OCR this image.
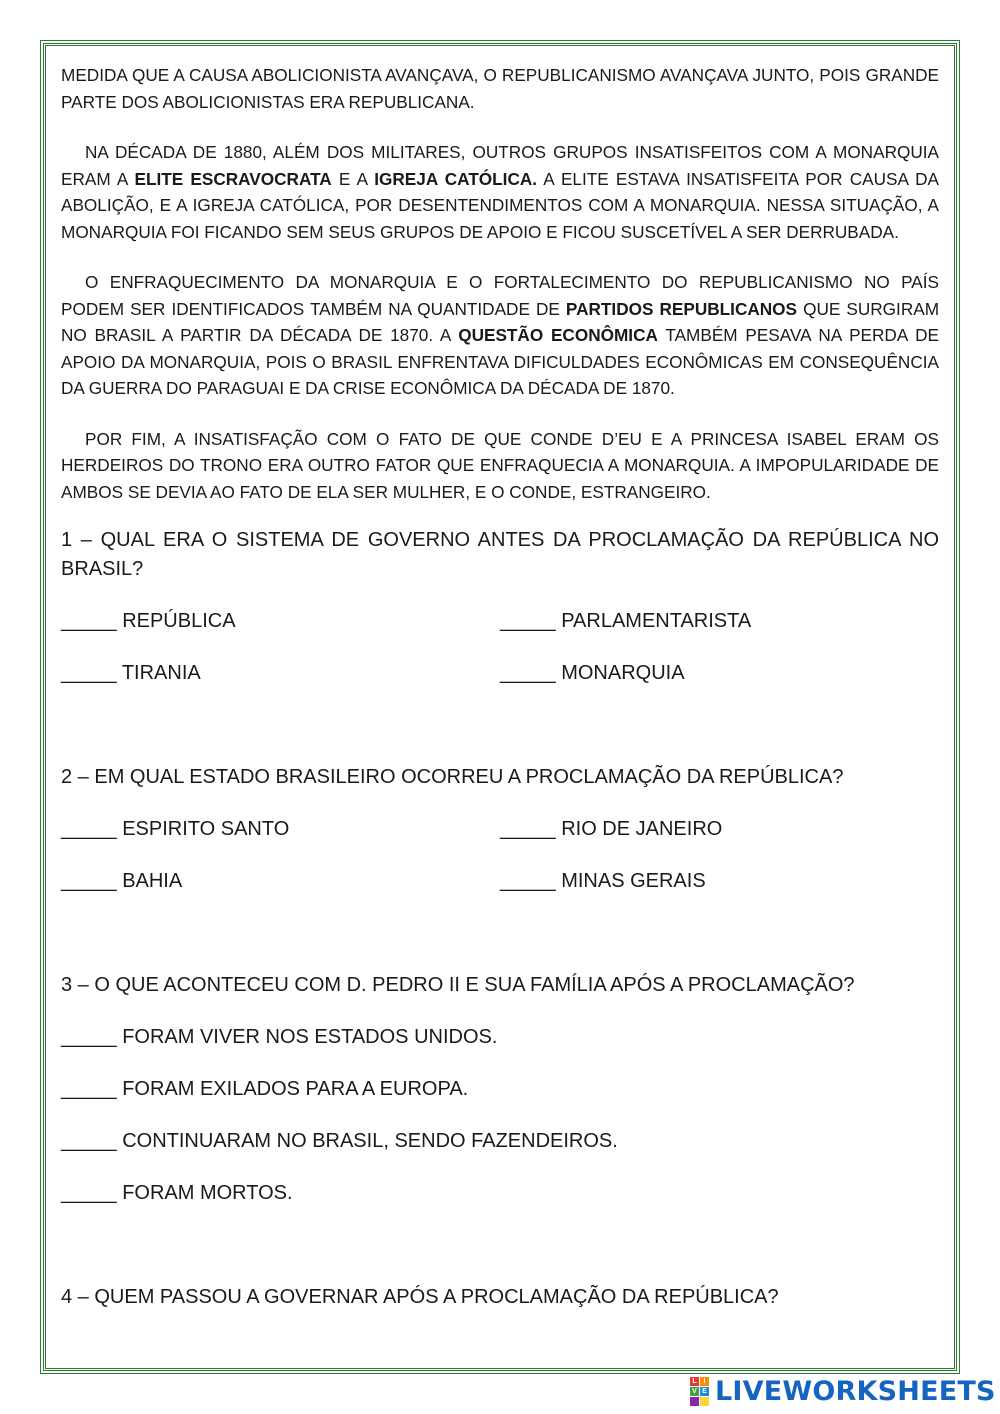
MEDIDA QUE A CAUSA ABOLICIONISTA AVANÇAVA, O REPUBLICANISMO AVANÇAVA JUNTO, POIS GRANDE PARTE DOS ABOLICIONISTAS ERA REPUBLICANA.

NA DÉCADA DE 1880, ALÉM DOS MILITARES, OUTROS GRUPOS INSATISFEITOS COM A MONARQUIA ERAM A ELITE ESCRAVOCRATA E A IGREJA CATÓLICA. A ELITE ESTAVA INSATISFEITA POR CAUSA DA ABOLIÇÃO, E A IGREJA CATÓLICA, POR DESENTENDIMENTOS COM A MONARQUIA. NESSA SITUAÇÃO, A MONARQUIA FOI FICANDO SEM SEUS GRUPOS DE APOIO E FICOU SUSCETÍVEL A SER DERRUBADA.

O ENFRAQUECIMENTO DA MONARQUIA E O FORTALECIMENTO DO REPUBLICANISMO NO PAÍS PODEM SER IDENTIFICADOS TAMBÉM NA QUANTIDADE DE PARTIDOS REPUBLICANOS QUE SURGIRAM NO BRASIL A PARTIR DA DÉCADA DE 1870. A QUESTÃO ECONÔMICA TAMBÉM PESAVA NA PERDA DE APOIO DA MONARQUIA, POIS O BRASIL ENFRENTAVA DIFICULDADES ECONÔMICAS EM CONSEQUÊNCIA DA GUERRA DO PARAGUAI E DA CRISE ECONÔMICA DA DÉCADA DE 1870.

POR FIM, A INSATISFAÇÃO COM O FATO DE QUE CONDE D’EU E A PRINCESA ISABEL ERAM OS HERDEIROS DO TRONO ERA OUTRO FATOR QUE ENFRAQUECIA A MONARQUIA. A IMPOPULARIDADE DE AMBOS SE DEVIA AO FATO DE ELA SER MULHER, E O CONDE, ESTRANGEIRO.

1 – QUAL ERA O SISTEMA DE GOVERNO ANTES DA PROCLAMAÇÃO DA REPÚBLICA NO BRASIL?

_____ REPÚBLICA	_____ PARLAMENTARISTA
_____ TIRANIA	_____ MONARQUIA

2 – EM QUAL ESTADO BRASILEIRO OCORREU A PROCLAMAÇÃO DA REPÚBLICA?

_____ ESPIRITO SANTO	_____ RIO DE JANEIRO
_____ BAHIA	_____ MINAS GERAIS

3 – O QUE ACONTECEU COM D. PEDRO II E SUA FAMÍLIA APÓS A PROCLAMAÇÃO?

_____ FORAM VIVER NOS ESTADOS UNIDOS.
_____ FORAM EXILADOS PARA A EUROPA.
_____ CONTINUARAM NO BRASIL, SENDO FAZENDEIROS.
_____ FORAM MORTOS.

4 – QUEM PASSOU A GOVERNAR APÓS A PROCLAMAÇÃO DA REPÚBLICA?

L I
V E LIVEWORKSHEETS
